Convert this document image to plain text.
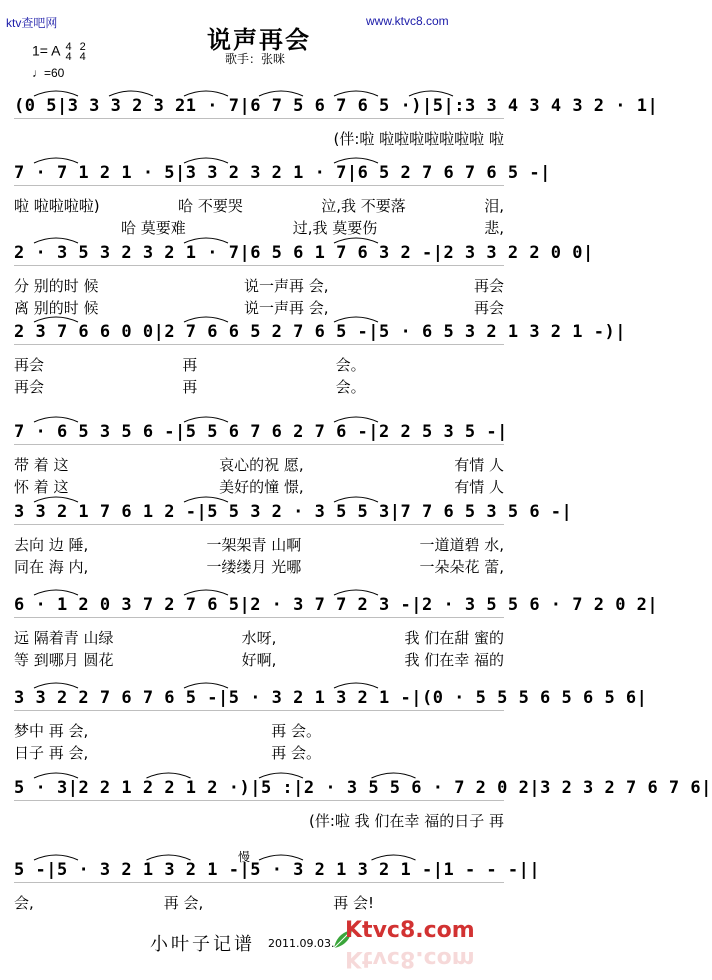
ktv查吧网	www.ktvc8.com
说声再会
歌手：张咪
1= A 4
4

2
4
♩=60
(0 5 | 3 3 3 2 3 2 1 · 7 | 6 7 5 6 7 6 5 ·) | 5 |: 3 3 4 3 4 3 2 · 1 |
(伴:啦 啦啦啦啦啦啦啦 啦
7 · 7 1 2 1 · 5 | 3 3 2 3 2 1 · 7 | 6 5 2 7 6 7 6 5 - |
啦 啦啦啦啦)	哈 不要哭	泣,我 不要落	泪,
哈 莫要难	过,我 莫要伤	悲,
2 · 3 5 3 2 3 2 1 · 7 | 6 5 6 1 7 6 3 2 - | 2 3 3 2 2 0 0 |
分 别的时 候	说一声再 会,	再会
离 别的时 候	说一声再 会,	再会
2 3 7 6 6 0 0 | 2 7 6 6 5 2 7 6 5 - | 5 · 6 5 3 2 1 3 2 1 -) |
再会	再	会。
再会	再	会。
7 · 6 5 3 5 6 - | 5 5 6 7 6 2 7 6 - | 2 2 5 3 5 - |
带 着 这	哀心的祝 愿,	有情 人
怀 着 这	美好的憧 憬,	有情 人
3 3 2 1 7 6 1 2 - | 5 5 3 2 · 3 5 5 3 | 7 7 6 5 3 5 6 - |
去向 边 陲,	一架架青 山啊	一道道碧 水,
同在 海 内,	一缕缕月 光哪	一朵朵花 蕾,
6 · 1 2 0 3 7 2 7 6 5 | 2 · 3 7 7 2 3 - | 2 · 3 5 5 6 · 7 2 0 2 |
远 隔着青 山绿	水呀,	我 们在甜 蜜的
等 到哪月 圆花	好啊,	我 们在幸 福的
3 3 2 2 7 6 7 6 5 - | 5 · 3 2 1 3 2 1 - | (0 · 5 5 5 6 5 6 5 6 |
梦中 再 会,	再 会。
日子 再 会,	再 会。
5 · 3 | 2 2 1 2 2 1 2 ·) | 5 :| 2 · 3 5 5 6 · 7 2 0 2 | 3 2 3 2 7 6 7 6 |
(伴:啦 我 们在幸 福的日子 再
5 - | 5 · 3 2 1 3 2 1 - | 5 · 3 2 1 3 2 1 - | 1 - - - ||
会,	再 会,	再 会!
慢
小叶子记谱 2011.09.03.
Ktvc8.com
Ktvc8.com
